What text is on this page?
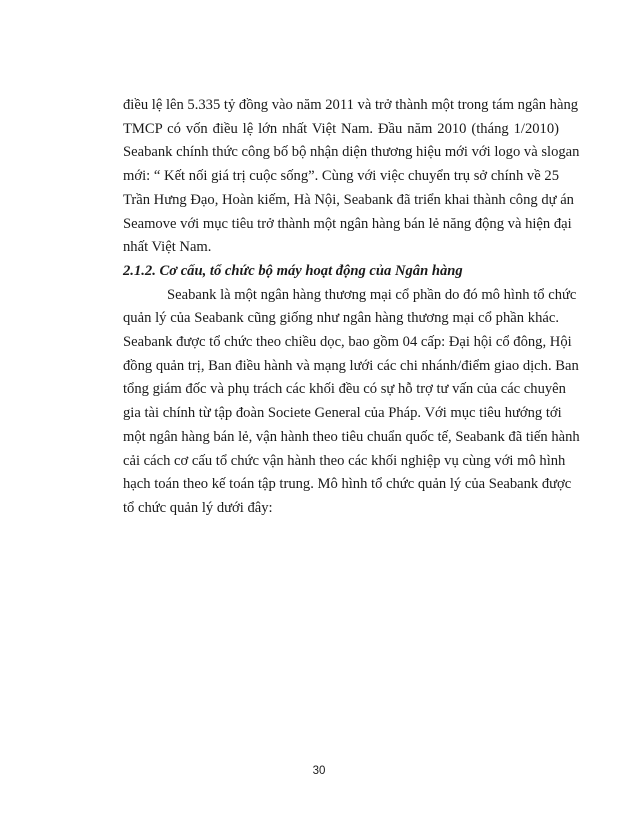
điều lệ lên 5.335 tỷ đồng vào năm 2011 và trở thành một trong tám ngân hàng
TMCP có vốn điều lệ lớn nhất Việt Nam. Đầu năm 2010 (tháng 1/2010)
Seabank chính thức công bố bộ nhận diện thương hiệu mới với logo và slogan
mới: “ Kết nối giá trị cuộc sống”. Cùng với việc chuyển trụ sở chính về 25
Trần Hưng Đạo, Hoàn kiếm, Hà Nội, Seabank đã triển khai thành công dự án
Seamove với mục tiêu trở thành một ngân hàng bán lẻ năng động và hiện đại
nhất Việt Nam.

2.1.2. Cơ cấu, tổ chức bộ máy hoạt động của Ngân hàng

Seabank là một ngân hàng thương mại cổ phần do đó mô hình tổ chức
quản lý của Seabank cũng giống như ngân hàng thương mại cổ phần khác.
Seabank được tổ chức theo chiều dọc, bao gồm 04 cấp: Đại hội cổ đông, Hội
đồng quản trị, Ban điều hành và mạng lưới các chi nhánh/điểm giao dịch. Ban
tổng giám đốc và phụ trách các khối đều có sự hỗ trợ tư vấn của các chuyên
gia tài chính từ tập đoàn Societe General của Pháp. Với mục tiêu hướng tới
một ngân hàng bán lẻ, vận hành theo tiêu chuẩn quốc tế, Seabank đã tiến hành
cải cách cơ cấu tổ chức vận hành theo các khối nghiệp vụ cùng với mô hình
hạch toán theo kế toán tập trung. Mô hình tổ chức quản lý của Seabank được
tổ chức quản lý dưới đây:
30
